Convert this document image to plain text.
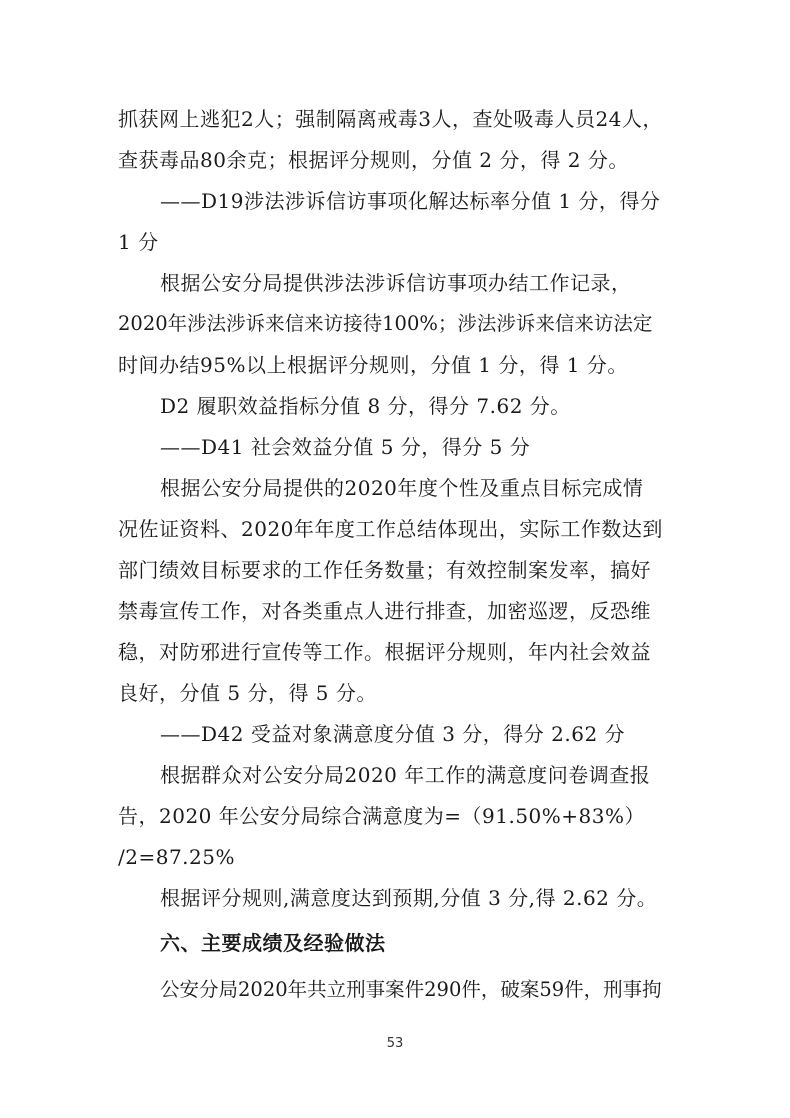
抓获网上逃犯2人；强制隔离戒毒3人，查处吸毒人员24人，
查获毒品80余克；根据评分规则，分值 2 分，得 2 分。
——D19涉法涉诉信访事项化解达标率分值 1 分，得分
1 分
根据公安分局提供涉法涉诉信访事项办结工作记录，
2020年涉法涉诉来信来访接待100%；涉法涉诉来信来访法定
时间办结95%以上根据评分规则，分值 1 分，得 1 分。
D2 履职效益指标分值 8 分，得分 7.62 分。
——D41 社会效益分值 5 分，得分 5 分
根据公安分局提供的2020年度个性及重点目标完成情
况佐证资料、2020年年度工作总结体现出，实际工作数达到
部门绩效目标要求的工作任务数量；有效控制案发率，搞好
禁毒宣传工作，对各类重点人进行排查，加密巡逻，反恐维
稳，对防邪进行宣传等工作。根据评分规则，年内社会效益
良好，分值 5 分，得 5 分。
——D42 受益对象满意度分值 3 分，得分 2.62 分
根据群众对公安分局2020 年工作的满意度问卷调查报
告，2020 年公安分局综合满意度为=（91.50%+83%）
/2=87.25%
根据评分规则,满意度达到预期,分值 3 分,得 2.62 分。
六、主要成绩及经验做法
公安分局2020年共立刑事案件290件，破案59件，刑事拘
53
